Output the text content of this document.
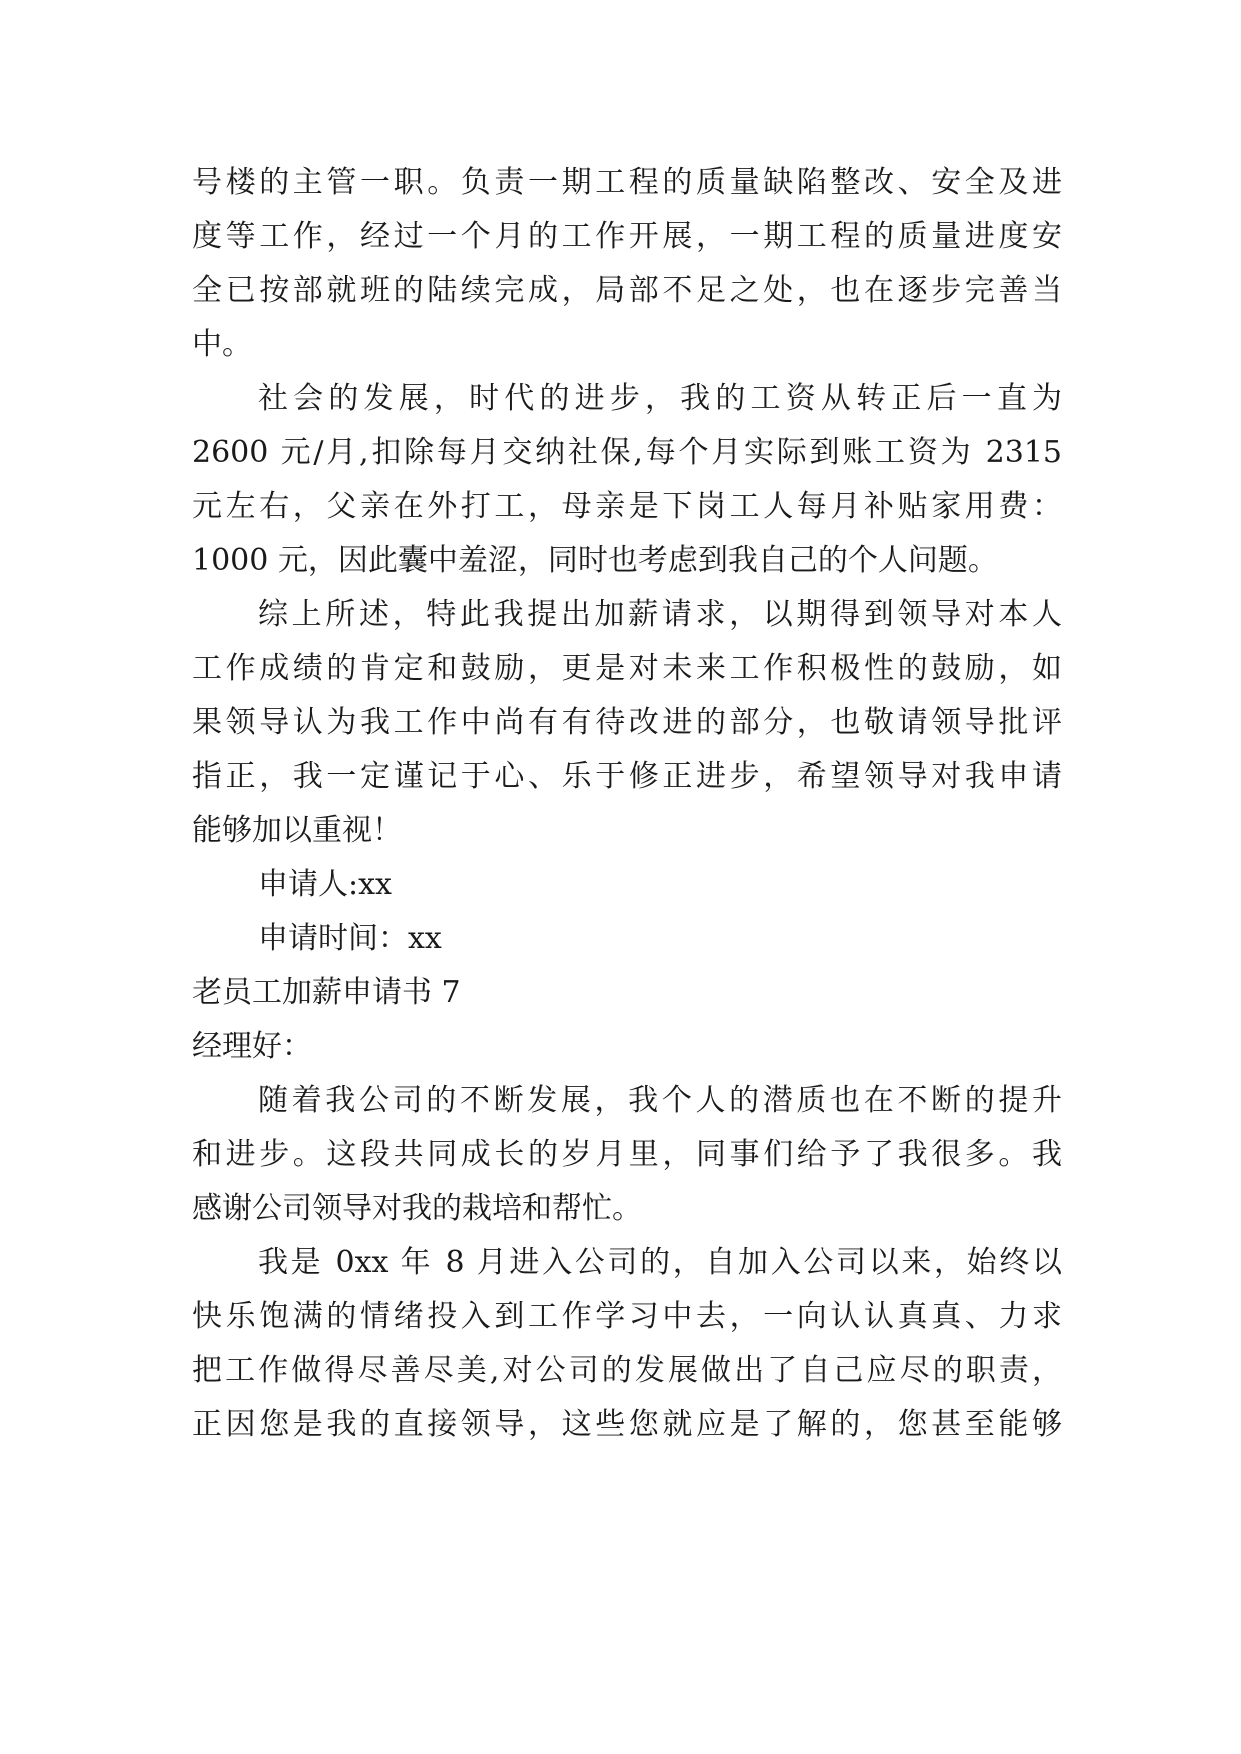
号楼的主管一职。负责一期工程的质量缺陷整改、安全及进
度等工作，经过一个月的工作开展，一期工程的质量进度安
全已按部就班的陆续完成，局部不足之处，也在逐步完善当
中。
社会的发展，时代的进步，我的工资从转正后一直为
2600 元/月,扣除每月交纳社保,每个月实际到账工资为 2315
元左右，父亲在外打工，母亲是下岗工人每月补贴家用费：
1000 元，因此囊中羞涩，同时也考虑到我自己的个人问题。
综上所述，特此我提出加薪请求，以期得到领导对本人
工作成绩的肯定和鼓励，更是对未来工作积极性的鼓励，如
果领导认为我工作中尚有有待改进的部分，也敬请领导批评
指正，我一定谨记于心、乐于修正进步，希望领导对我申请
能够加以重视！
申请人:xx
申请时间：xx
老员工加薪申请书 7
经理好：
随着我公司的不断发展，我个人的潜质也在不断的提升
和进步。这段共同成长的岁月里，同事们给予了我很多。我
感谢公司领导对我的栽培和帮忙。
我是 0xx 年 8 月进入公司的，自加入公司以来，始终以
快乐饱满的情绪投入到工作学习中去，一向认认真真、力求
把工作做得尽善尽美,对公司的发展做出了自己应尽的职责，
正因您是我的直接领导，这些您就应是了解的，您甚至能够
